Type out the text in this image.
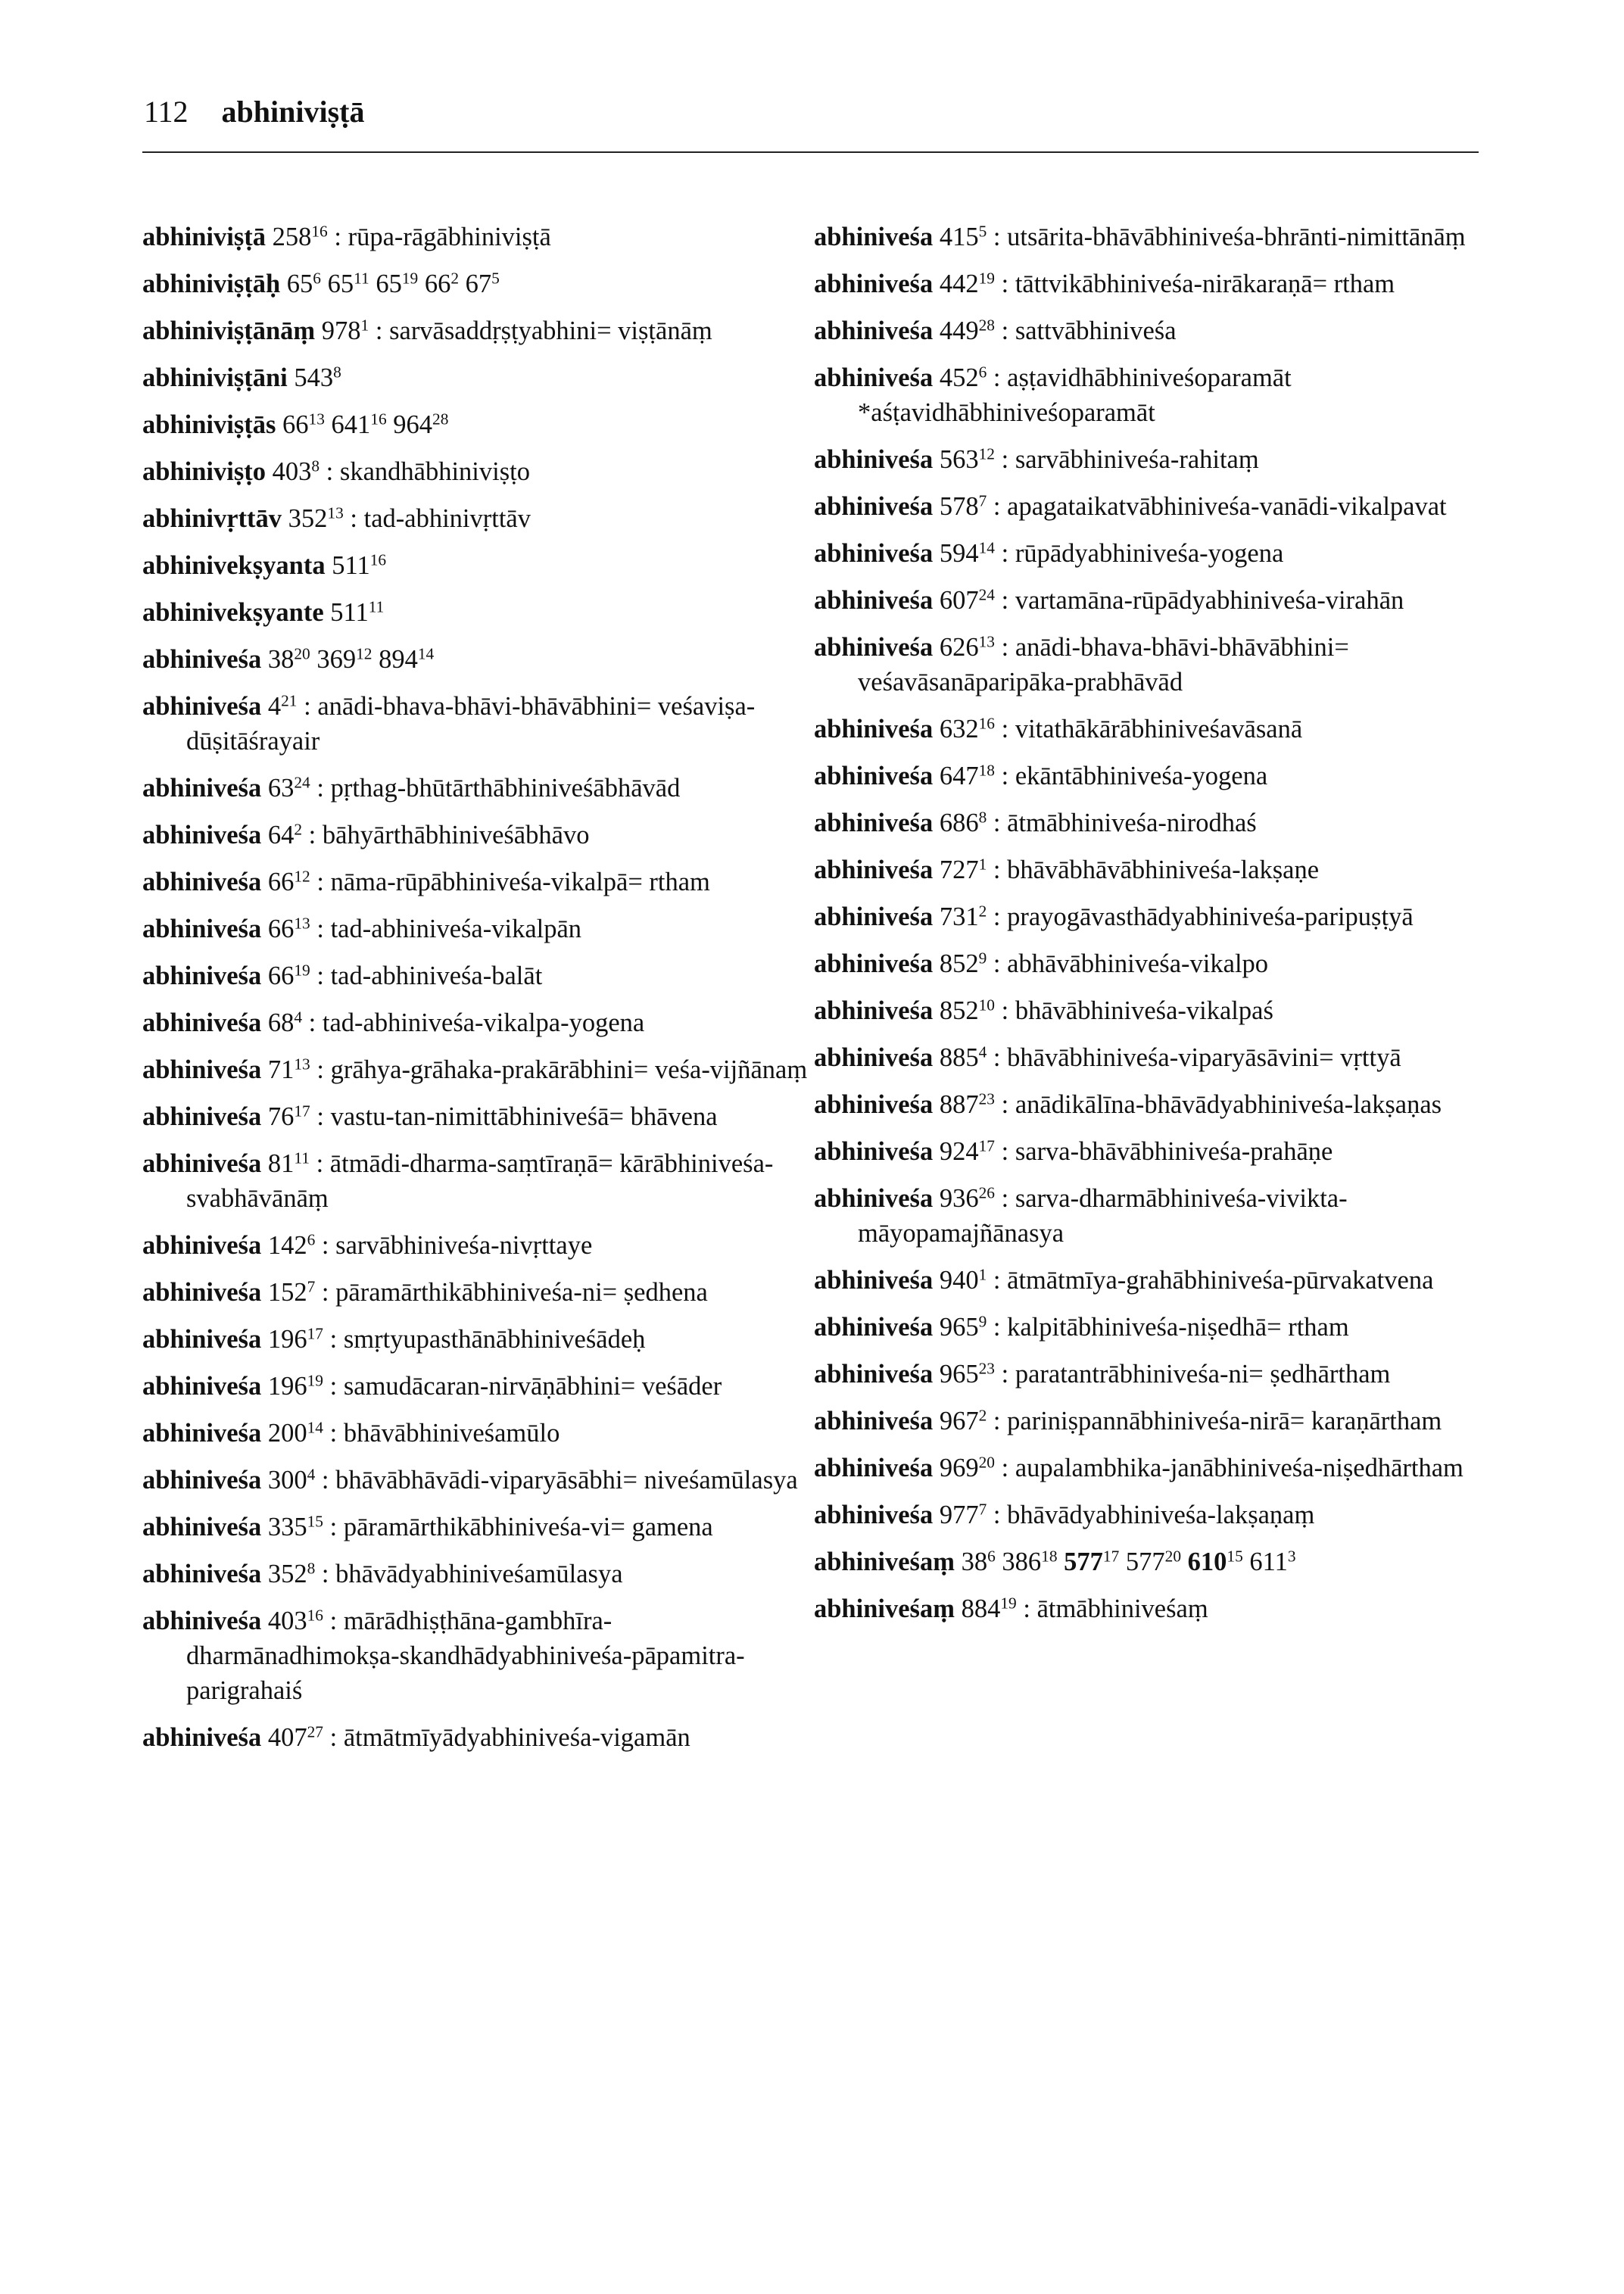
112 abhiniviṣṭā
abhiniviṣṭā $258^{16}$ : rūpa-rāgābhiniviṣṭā
abhiniviṣṭāḥ $65^6$ $65^{11}$ $65^{19}$ $66^2$ $67^5$
abhiniviṣṭānāṃ $978^1$ : sarvāsaddṛṣṭyabhini= viṣṭānāṃ
abhiniviṣṭāni $543^8$
abhiniviṣṭās $66^{13}$ $641^{16}$ $964^{28}$
abhiniviṣṭo $403^8$ : skandhābhiniviṣṭo
abhinivṛttāv $352^{13}$ : tad-abhinivṛttāv
abhinivekṣyanta $511^{16}$
abhinivekṣyante $511^{11}$
abhiniveśa $38^{20}$ $369^{12}$ $894^{14}$
abhiniveśa $4^{21}$ : anādi-bhava-bhāvi-bhāvābhini= veśaviṣa-dūṣitāśrayair
abhiniveśa $63^{24}$ : pṛthag-bhūtārthābhiniveśābhāvād
abhiniveśa $64^2$ : bāhyārthābhiniveśābhāvo
abhiniveśa $66^{12}$ : nāma-rūpābhiniveśa-vikalpā= rtham
abhiniveśa $66^{13}$ : tad-abhiniveśa-vikalpān
abhiniveśa $66^{19}$ : tad-abhiniveśa-balāt
abhiniveśa $68^4$ : tad-abhiniveśa-vikalpa-yogena
abhiniveśa $71^{13}$ : grāhya-grāhaka-prakārābhini= veśa-vijñānaṃ
abhiniveśa $76^{17}$ : vastu-tan-nimittābhiniveśā= bhāvena
abhiniveśa $81^{11}$ : ātmādi-dharma-saṃtīraṇā= kārābhiniveśa-svabhāvānāṃ
abhiniveśa $142^6$ : sarvābhiniveśa-nivṛttaye
abhiniveśa $152^7$ : pāramārthikābhiniveśa-ni= ṣedhena
abhiniveśa $196^{17}$ : smṛtyupasthānābhiniveśādeḥ
abhiniveśa $196^{19}$ : samudācaran-nirvāṇābhini= veśāder
abhiniveśa $200^{14}$ : bhāvābhiniveśamūlo
abhiniveśa $300^4$ : bhāvābhāvādi-viparyāsābhi= niveśamūlasya
abhiniveśa $335^{15}$ : pāramārthikābhiniveśa-vi= gamena
abhiniveśa $352^8$ : bhāvādyabhiniveśamūlasya
abhiniveśa $403^{16}$ : mārādhiṣṭhāna-gambhīra-dharmānadhimokṣa-skandhādyabhiniveśa-pāpamitra-parigrahaiś
abhiniveśa $407^{27}$ : ātmātmīyādyabhiniveśa-vigamān
abhiniveśa $415^5$ : utsārita-bhāvābhiniveśa-bhrānti-nimittānāṃ
abhiniveśa $442^{19}$ : tāttvikābhiniveśa-nirākaraṇā= rtham
abhiniveśa $449^{28}$ : sattvābhiniveśa
abhiniveśa $452^6$ : aṣṭavidhābhiniveśoparamāt *aśṭavidhābhiniveśoparamāt
abhiniveśa $563^{12}$ : sarvābhiniveśa-rahitaṃ
abhiniveśa $578^7$ : apagataikatvābhiniveśa-vanādi-vikalpavat
abhiniveśa $594^{14}$ : rūpādyabhiniveśa-yogena
abhiniveśa $607^{24}$ : vartamāna-rūpādyabhiniveśa-virahān
abhiniveśa $626^{13}$ : anādi-bhava-bhāvi-bhāvābhini= veśavāsanāparipāka-prabhāvād
abhiniveśa $632^{16}$ : vitathākārābhiniveśavāsanā
abhiniveśa $647^{18}$ : ekāntābhiniveśa-yogena
abhiniveśa $686^8$ : ātmābhiniveśa-nirodhaś
abhiniveśa $727^1$ : bhāvābhāvābhiniveśa-lakṣaṇe
abhiniveśa $731^2$ : prayogāvasthādyabhiniveśa-paripuṣṭyā
abhiniveśa $852^9$ : abhāvābhiniveśa-vikalpo
abhiniveśa $852^{10}$ : bhāvābhiniveśa-vikalpaś
abhiniveśa $885^4$ : bhāvābhiniveśa-viparyāsāvini= vṛttyā
abhiniveśa $887^{23}$ : anādikālīna-bhāvādyabhiniveśa-lakṣaṇas
abhiniveśa $924^{17}$ : sarva-bhāvābhiniveśa-prahāṇe
abhiniveśa $936^{26}$ : sarva-dharmābhiniveśa-vivikta-māyopamajñānasya
abhiniveśa $940^1$ : ātmātmīya-grahābhiniveśa-pūrvakatvena
abhiniveśa $965^9$ : kalpitābhiniveśa-niṣedhā= rtham
abhiniveśa $965^{23}$ : paratantrābhiniveśa-ni= ṣedhārtham
abhiniveśa $967^2$ : pariniṣpannābhiniveśa-nirā= karaṇārtham
abhiniveśa $969^{20}$ : aupalambhika-janābhiniveśa-niṣedhārtham
abhiniveśa $977^7$ : bhāvādyabhiniveśa-lakṣaṇaṃ
abhiniveśaṃ $38^6$ $386^{18}$ $577^{17}$ $577^{20}$ $610^{15}$ $611^3$
abhiniveśaṃ $884^{19}$ : ātmābhiniveśaṃ
